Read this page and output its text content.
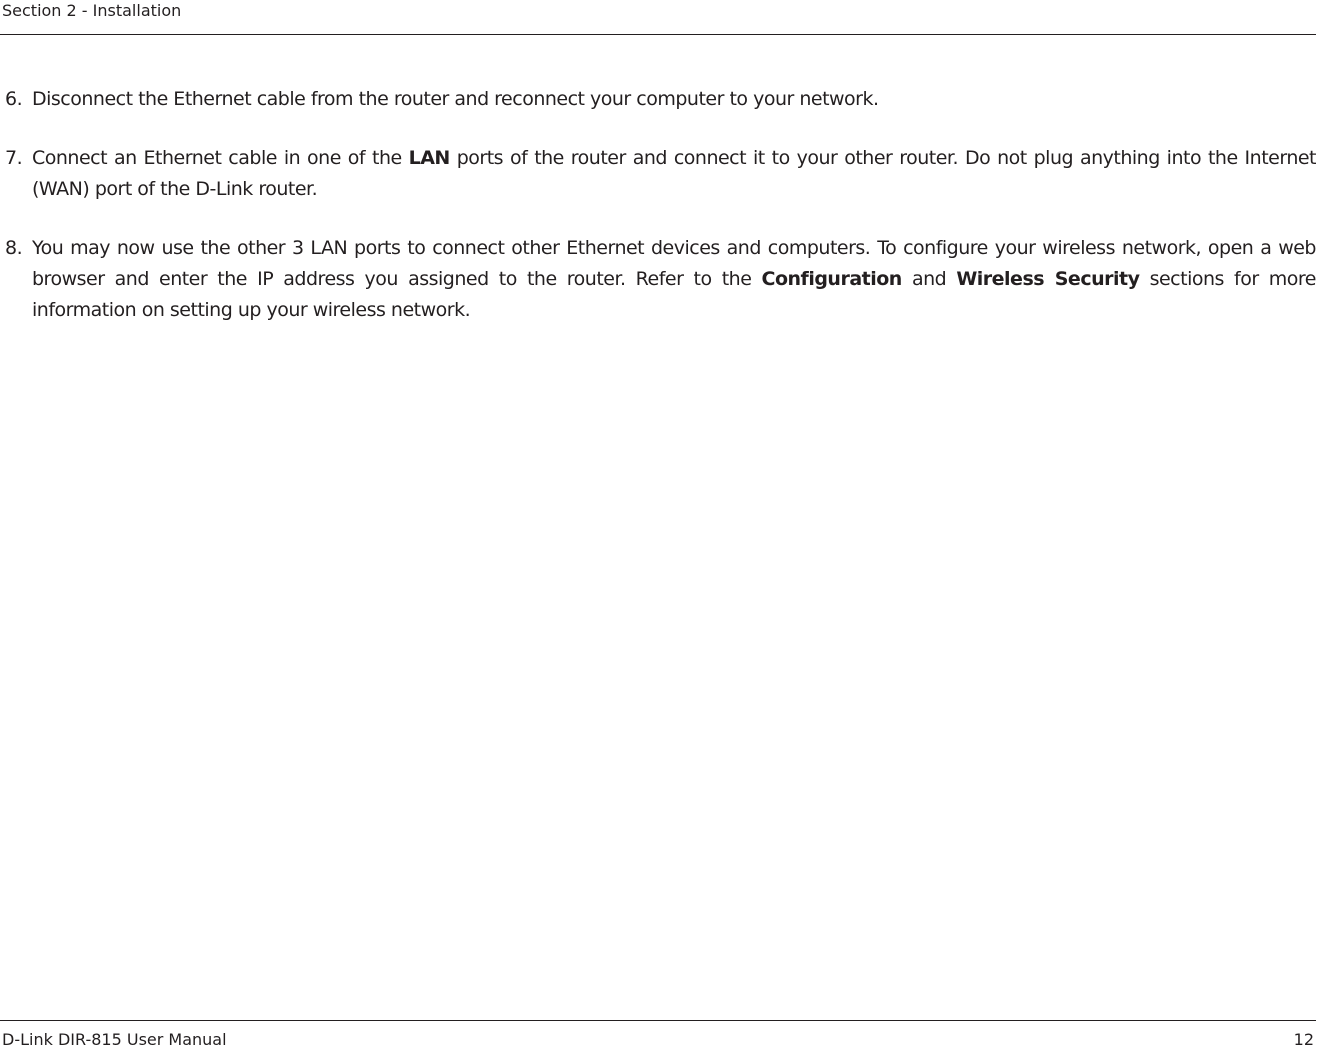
Section 2 - Installation
6. Disconnect the Ethernet cable from the router and reconnect your computer to your network.
7. Connect an Ethernet cable in one of the LAN ports of the router and connect it to your other router. Do not plug anything into the Internet (WAN) port of the D-Link router.
8. You may now use the other 3 LAN ports to connect other Ethernet devices and computers. To configure your wireless network, open a web browser and enter the IP address you assigned to the router. Refer to the Configuration and Wireless Security sections for more information on setting up your wireless network.
D-Link DIR-815 User Manual	12
